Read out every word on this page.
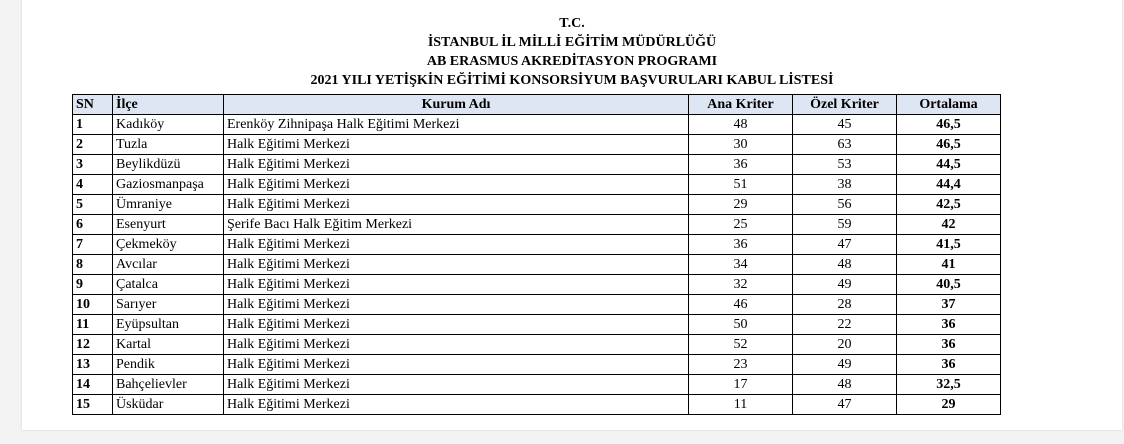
T.C.
İSTANBUL İL MİLLİ EĞİTİM MÜDÜRLÜĞÜ
AB ERASMUS AKREDİTASYON PROGRAMI
2021 YILI YETİŞKİN EĞİTİMİ KONSORSİYUM BAŞVURULARI KABUL LİSTESİ
SN	İlçe	Kurum Adı	Ana Kriter	Özel Kriter	Ortalama
1	Kadıköy	Erenköy Zihnipaşa Halk Eğitimi Merkezi	48	45	46,5
2	Tuzla	Halk Eğitimi Merkezi	30	63	46,5
3	Beylikdüzü	Halk Eğitimi Merkezi	36	53	44,5
4	Gaziosmanpaşa	Halk Eğitimi Merkezi	51	38	44,4
5	Ümraniye	Halk Eğitimi Merkezi	29	56	42,5
6	Esenyurt	Şerife Bacı Halk Eğitim Merkezi	25	59	42
7	Çekmeköy	Halk Eğitimi Merkezi	36	47	41,5
8	Avcılar	Halk Eğitimi Merkezi	34	48	41
9	Çatalca	Halk Eğitimi Merkezi	32	49	40,5
10	Sarıyer	Halk Eğitimi Merkezi	46	28	37
11	Eyüpsultan	Halk Eğitimi Merkezi	50	22	36
12	Kartal	Halk Eğitimi Merkezi	52	20	36
13	Pendik	Halk Eğitimi Merkezi	23	49	36
14	Bahçelievler	Halk Eğitimi Merkezi	17	48	32,5
15	Üsküdar	Halk Eğitimi Merkezi	11	47	29
